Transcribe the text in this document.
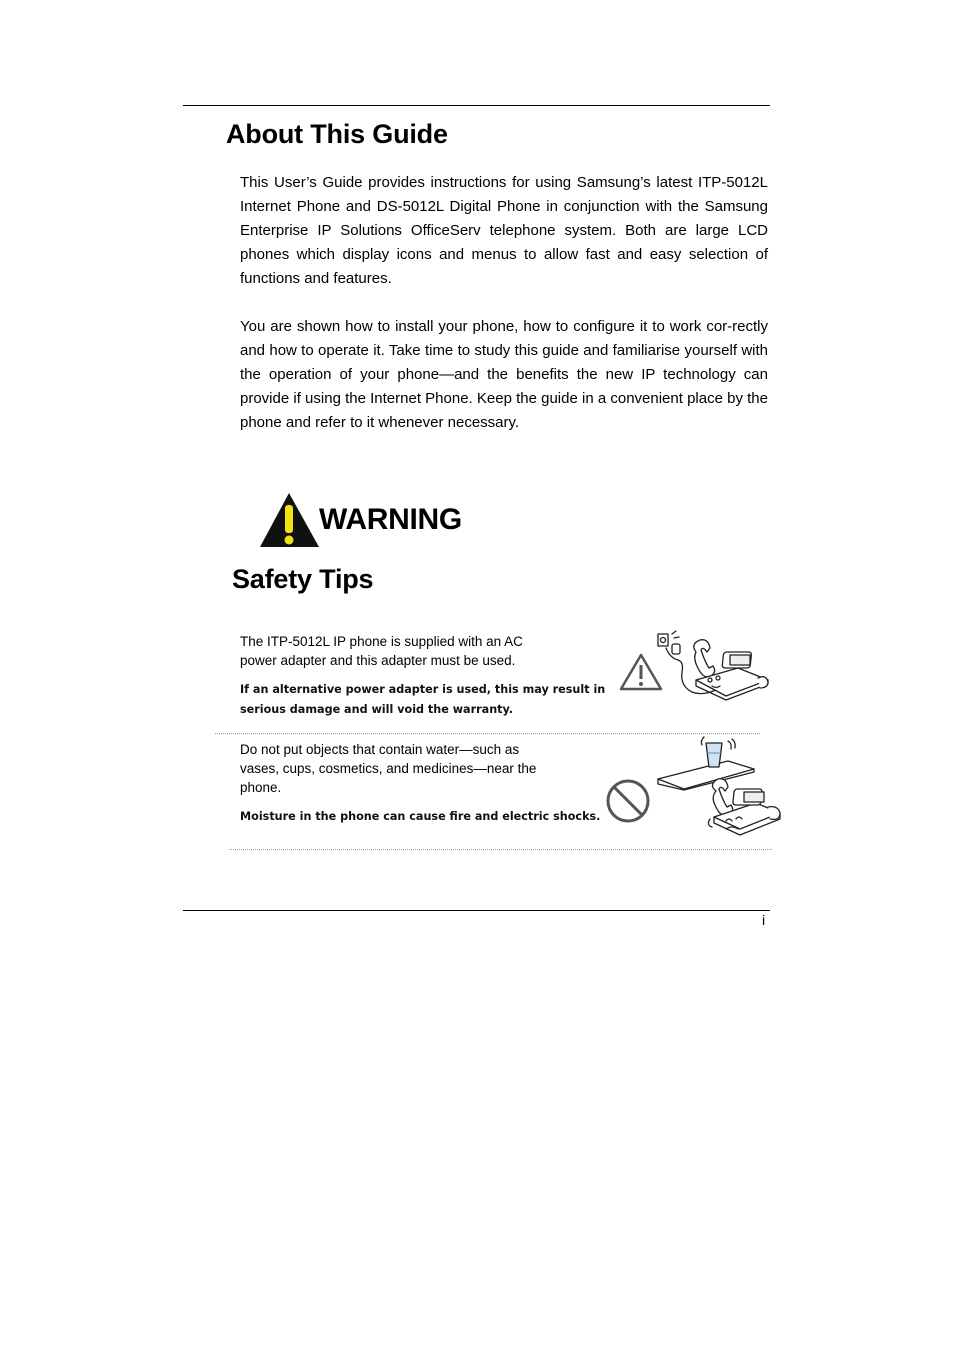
About This Guide

This User’s Guide provides instructions for using Samsung’s latest ITP-5012L Internet Phone and DS-5012L Digital Phone in conjunction with the Samsung Enterprise IP Solutions OfficeServ telephone system. Both are large LCD phones which display icons and menus to allow fast and easy selection of functions and features.

You are shown how to install your phone, how to configure it to work cor-rectly and how to operate it. Take time to study this guide and familiarise yourself with the operation of your phone—and the benefits the new IP technology can provide if using the Internet Phone. Keep the guide in a convenient place by the phone and refer to it whenever necessary.

WARNING
Safety Tips

The ITP-5012L IP phone is supplied with an AC power adapter and this adapter must be used.

If an alternative power adapter is used, this may result in serious damage and will void the warranty.

Do not put objects that contain water—such as vases, cups, cosmetics, and medicines—near the phone.

Moisture in the phone can cause fire and electric shocks.

i
